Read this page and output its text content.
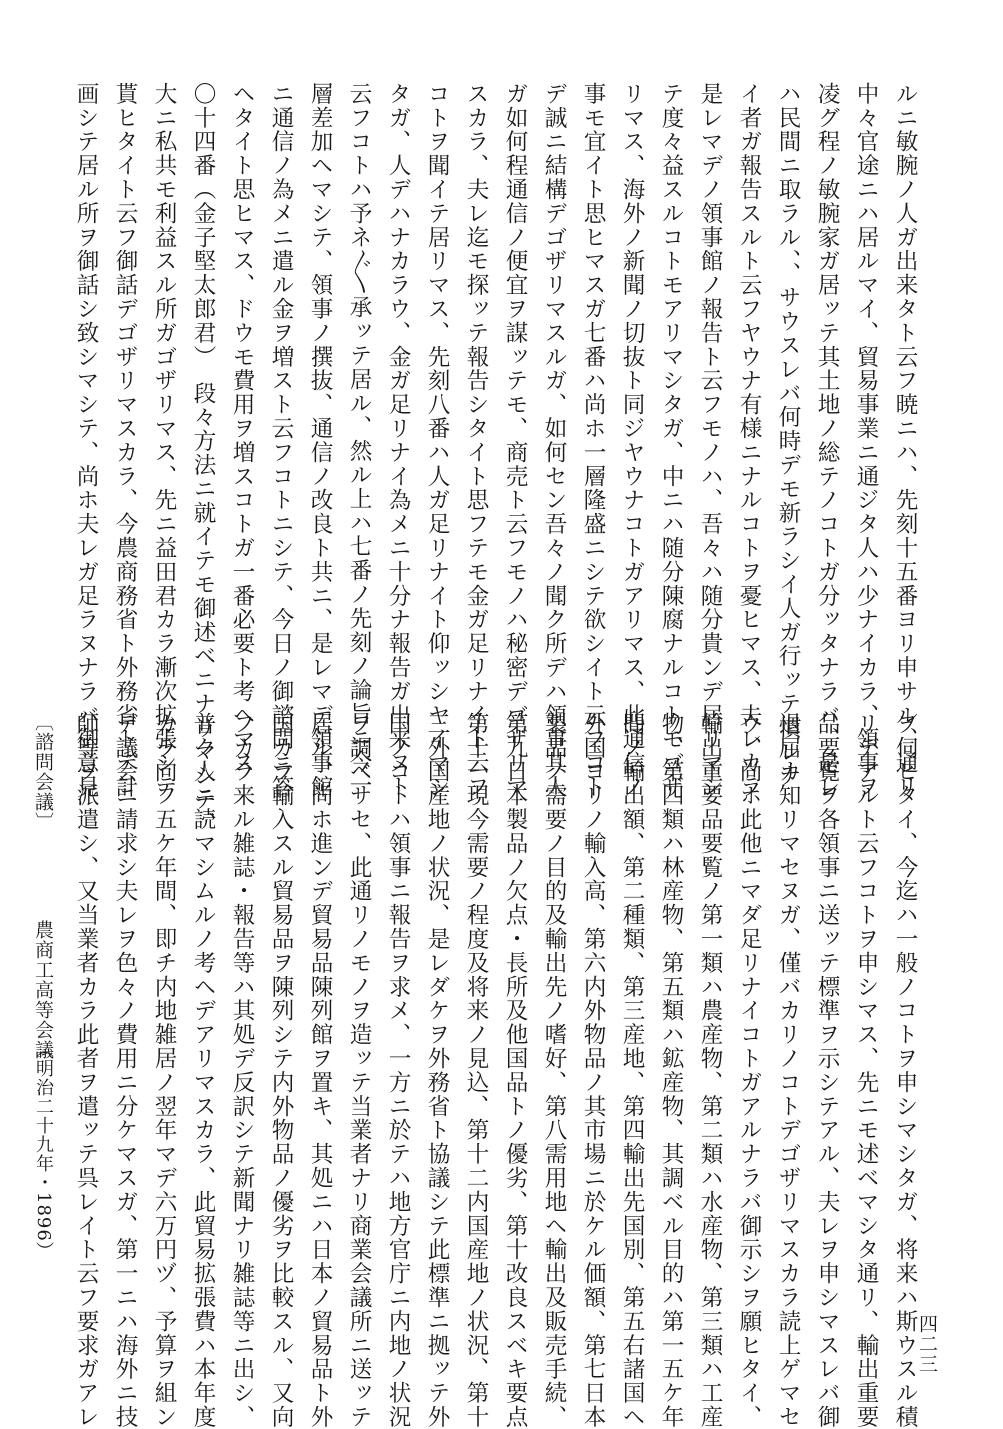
ルニ敏腕ノ人ガ出来タト云フ暁ニハ、先刻十五番ヨリ申サル、通リ
中々官途ニハ居ルマイ、貿易事業ニ通ジタ人ハ少ナイカラ、領事ヲ
凌グ程ノ敏腕家ガ居ッテ其土地ノ総テノコトガ分ッタナラバ、是レ
ハ民間ニ取ラル、、サウスレバ何時デモ新ラシイ人ガ行ッテ慣レナ
イ者ガ報告スルト云フヤウナ有様ニナルコトヲ憂ヒマス、夫レカラ
是レマデノ領事館ノ報告ト云フモノハ、吾々ハ随分貴ンデ居リマシ
テ度々益スルコトモアリマシタガ、中ニハ随分陳腐ナルコトモゴザ
リマス、海外ノ新聞ノ切抜ト同ジヤウナコトガアリマス、此通信ノ
事モ宜イト思ヒマスガ七番ハ尚ホ一層隆盛ニシテ欲シイト云フコト
デ誠ニ結構デゴザリマスルガ、如何セン吾々ノ聞ク所デハ領事其人
ガ如何程通信ノ便宜ヲ謀ッテモ、商売ト云フモノハ秘密デゴザリマ
スカラ、夫レ迄モ探ッテ報告シタイト思フテモ金ガ足リナイト云フ
コトヲ聞イテ居リマス、先刻八番ハ人ガ足リナイト仰ッシヤイマシ
タガ、人デハナカラウ、金ガ足リナイ為メニ十分ナ報告ガ出来ヌト
云フコトハ予ネ〴〵承ッテ居ル、然ル上ハ七番ノ先刻ノ論旨ニ今一
層差加ヘマシテ、領事ノ撰抜、通信ノ改良ト共ニ、是レマデ領事館
ニ通信ノ為メニ遣ル金ヲ増スト云フコトニシテ、今日ノ御諮問ニ答
ヘタイト思ヒマス、ドウモ費用ヲ増スコトガ一番必要ト考ヘマス
〇十四番（金子堅太郎君）　段々方法ニ就イテモ御述ベニナリマシテ、
大ニ私共モ利益スル所ガゴザリマス、先ニ益田君カラ漸次拡張シテ
貰ヒタイト云フ御話デゴザリマスカラ、今農商務省ト外務省トデ計
画シテ居ル所ヲ御話シ致シマシテ、尚ホ夫レガ足ラヌナラバ御意見
ヲ伺ヒタイ、今迄ハ一般ノコトヲ申シマシタガ、将来ハ斯ウスル積
リデアルト云フコトヲ申シマス、先ニモ述ベマシタ通リ、輸出重要
品要覧ヲ各領事ニ送ッテ標準ヲ示シテアル、夫レヲ申シマスレバ御
退屈カ知リマセヌガ、僅バカリノコトデゴザリマスカラ読上ゲマセ
ウ、尚ホ此他ニマダ足リナイコトガアルナラバ御示シヲ願ヒタイ、
輸出重要品要覧ノ第一類ハ農産物、第二類ハ水産物、第三類ハ工産
物、第四類ハ林産物、第五類ハ鉱産物、其調ベル目的ハ第一五ケ年
間ノ輸出額、第二種類、第三産地、第四輸出先国別、第五右諸国ヘ
外国ヨリノ輸入高、第六内外物品ノ其市場ニ於ケル価額、第七日本
製品ノ需要ノ目的及輸出先ノ嗜好、第八需用地ヘ輸出及販売手続、
第九日本製品ノ欠点・長所及他国品トノ優劣、第十改良スベキ要点
第十一現今需要ノ程度及将来ノ見込、第十二内国産地ノ状況、第十
三外国産地ノ状況、是レダケヲ外務省ト協議シテ此標準ニ拠ッテ外
国ノコトハ領事ニ報告ヲ求メ、一方ニ於テハ地方官庁ニ内地ノ状況
ヲ調ベサセ、此通リノモノヲ造ッテ当業者ナリ商業会議所ニ送ッテ
居ル、尚ホ進ンデ貿易品陳列館ヲ置キ、其処ニハ日本ノ貿易品ト外
国カラ輸入スル貿易品ヲ陳列シテ内外物品ノ優劣ヲ比較スル、又向
フカラ来ル雑誌・報告等ハ其処デ反訳シテ新聞ナリ雑誌等ニ出シ、
普ク人ニ読マシムルノ考ヘデアリマスカラ、此貿易拡張費ハ本年度
カラ向フ五ケ年間、即チ内地雑居ノ翌年マデ六万円ヅ、予算ヲ組ン
デ議会ニ請求シ夫レヲ色々ノ費用ニ分ケマスガ、第一ニハ海外ニ技
師等ヲ派遣シ、又当業者カラ此者ヲ遣ッテ呉レイト云フ要求ガアレ
〔諮問会議〕
農商工高等会議
（明治二十九年・1896）
四二三
